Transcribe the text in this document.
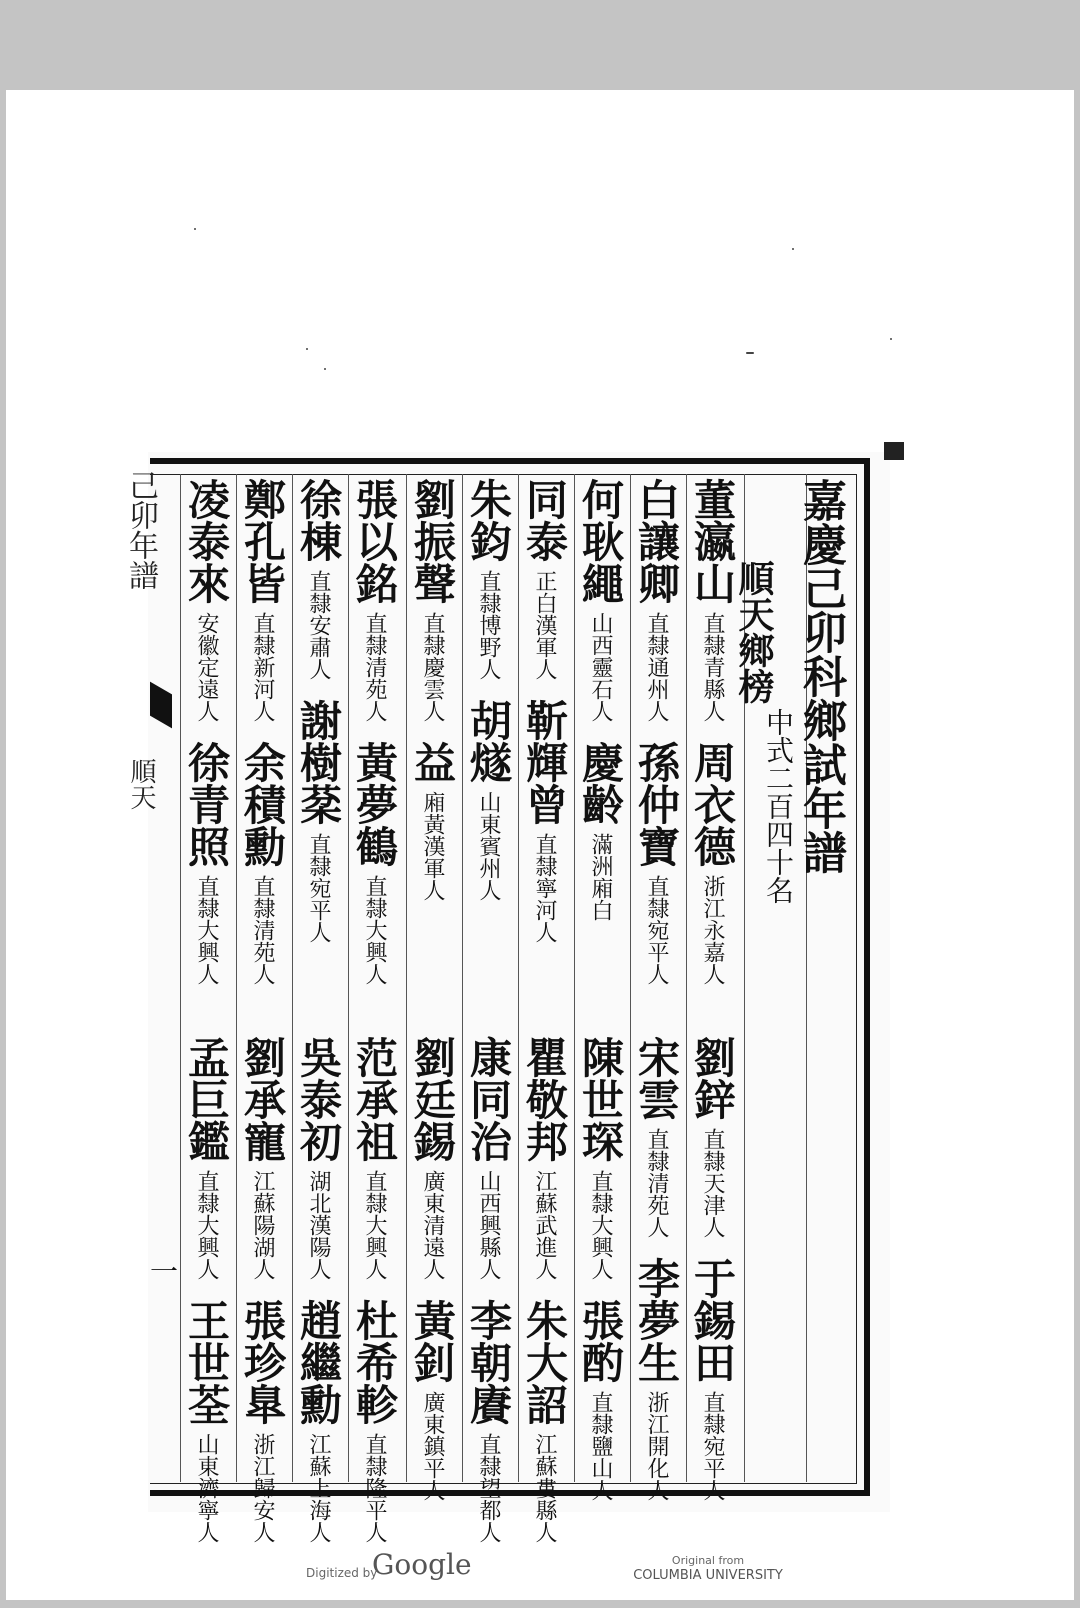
嘉慶己卯科鄉試年譜
順天鄉榜
中式二百四十名
己卯年譜
順天
一
董瀛山直隸青縣人 周衣德浙江永嘉人
劉鋅直隸天津人 于錫田直隸宛平人
白讓卿直隸通州人 孫仲寶直隸宛平人
宋雲直隸清苑人 李夢生浙江開化人
何耿繩山西靈石人 慶齡滿洲廂白
陳世琛直隸大興人 張酌直隸鹽山人
同泰正白漢軍人 靳輝曾直隸寧河人
瞿敬邦江蘇武進人 朱大詔江蘇婁縣人
朱鈞直隸博野人 胡燧山東賓州人
康同治山西興縣人 李朝賡直隸望都人
劉振聲直隸慶雲人 益廂黃漢軍人
劉廷錫廣東清遠人 黃釗廣東鎮平人
張以銘直隸清苑人 黃夢鶴直隸大興人
范承祖直隸大興人 杜希軫直隸隆平人
徐棟直隸安肅人 謝樹棻直隸宛平人
吳泰初湖北漢陽人 趙繼勳江蘇上海人
鄭孔皆直隸新河人 余積勳直隸清苑人
劉承寵江蘇陽湖人 張珍臯浙江歸安人
凌泰來安徽定遠人 徐青照直隸大興人
孟巨鑑直隸大興人 王世荃山東濟寧人
Digitized by
Google	Original from
COLUMBIA UNIVERSITY
